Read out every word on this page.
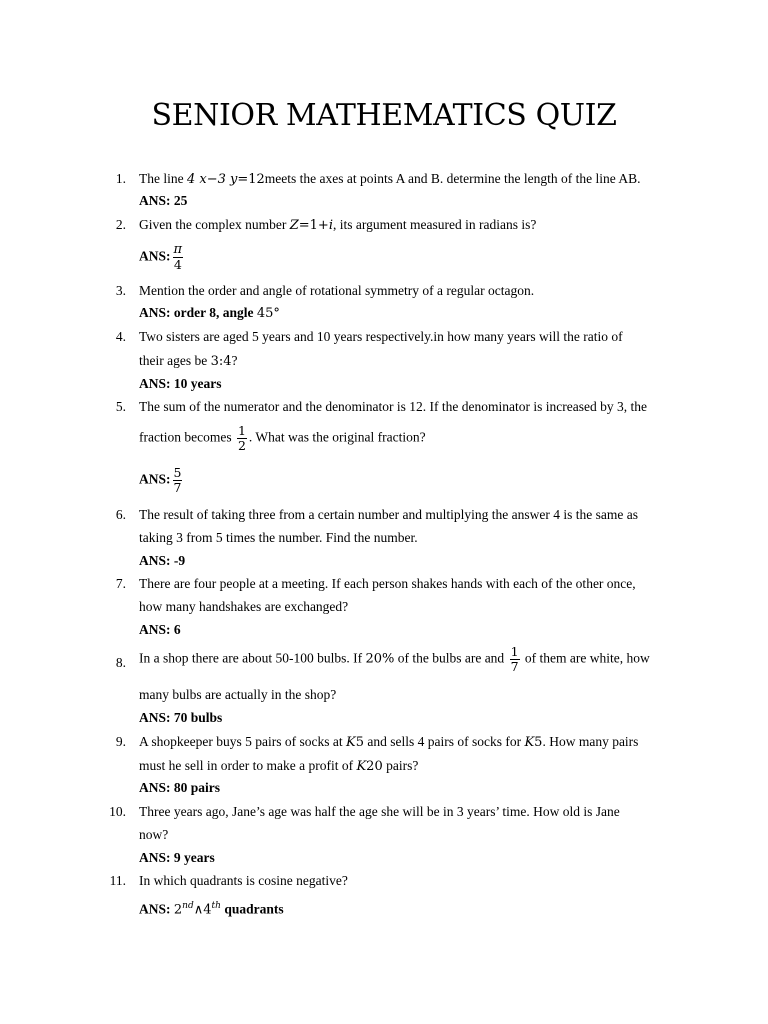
SENIOR MATHEMATICS QUIZ
1. The line 4 x−3 y=12meets the axes at points A and B. determine the length of the line AB.
ANS: 25
2. Given the complex number Z=1+i, its argument measured in radians is?
ANS: $\frac{\pi}{4}$
3. Mention the order and angle of rotational symmetry of a regular octagon.
ANS: order 8, angle 45°
4. Two sisters are aged 5 years and 10 years respectively.in how many years will the ratio of
their ages be 3:4?
ANS: 10 years
5. The sum of the numerator and the denominator is 12. If the denominator is increased by 3, the
fraction becomes $\frac{1}{2}$ . What was the original fraction?
ANS: $\frac{5}{7}$
6. The result of taking three from a certain number and multiplying the answer 4 is the same as
taking 3 from 5 times the number. Find the number.
ANS: -9
7. There are four people at a meeting. If each person shakes hands with each of the other once,
how many handshakes are exchanged?
ANS: 6
8. In a shop there are about 50-100 bulbs. If 20% of the bulbs are and $\frac{1}{7}$ of them are white, how
many bulbs are actually in the shop?
ANS: 70 bulbs
9. A shopkeeper buys 5 pairs of socks at K5 and sells 4 pairs of socks for K5. How many pairs
must he sell in order to make a profit of K20 pairs?
ANS: 80 pairs
10. Three years ago, Jane’s age was half the age she will be in 3 years’ time. How old is Jane
now?
ANS: 9 years
11. In which quadrants is cosine negative?
ANS: 2nd∧4th quadrants
